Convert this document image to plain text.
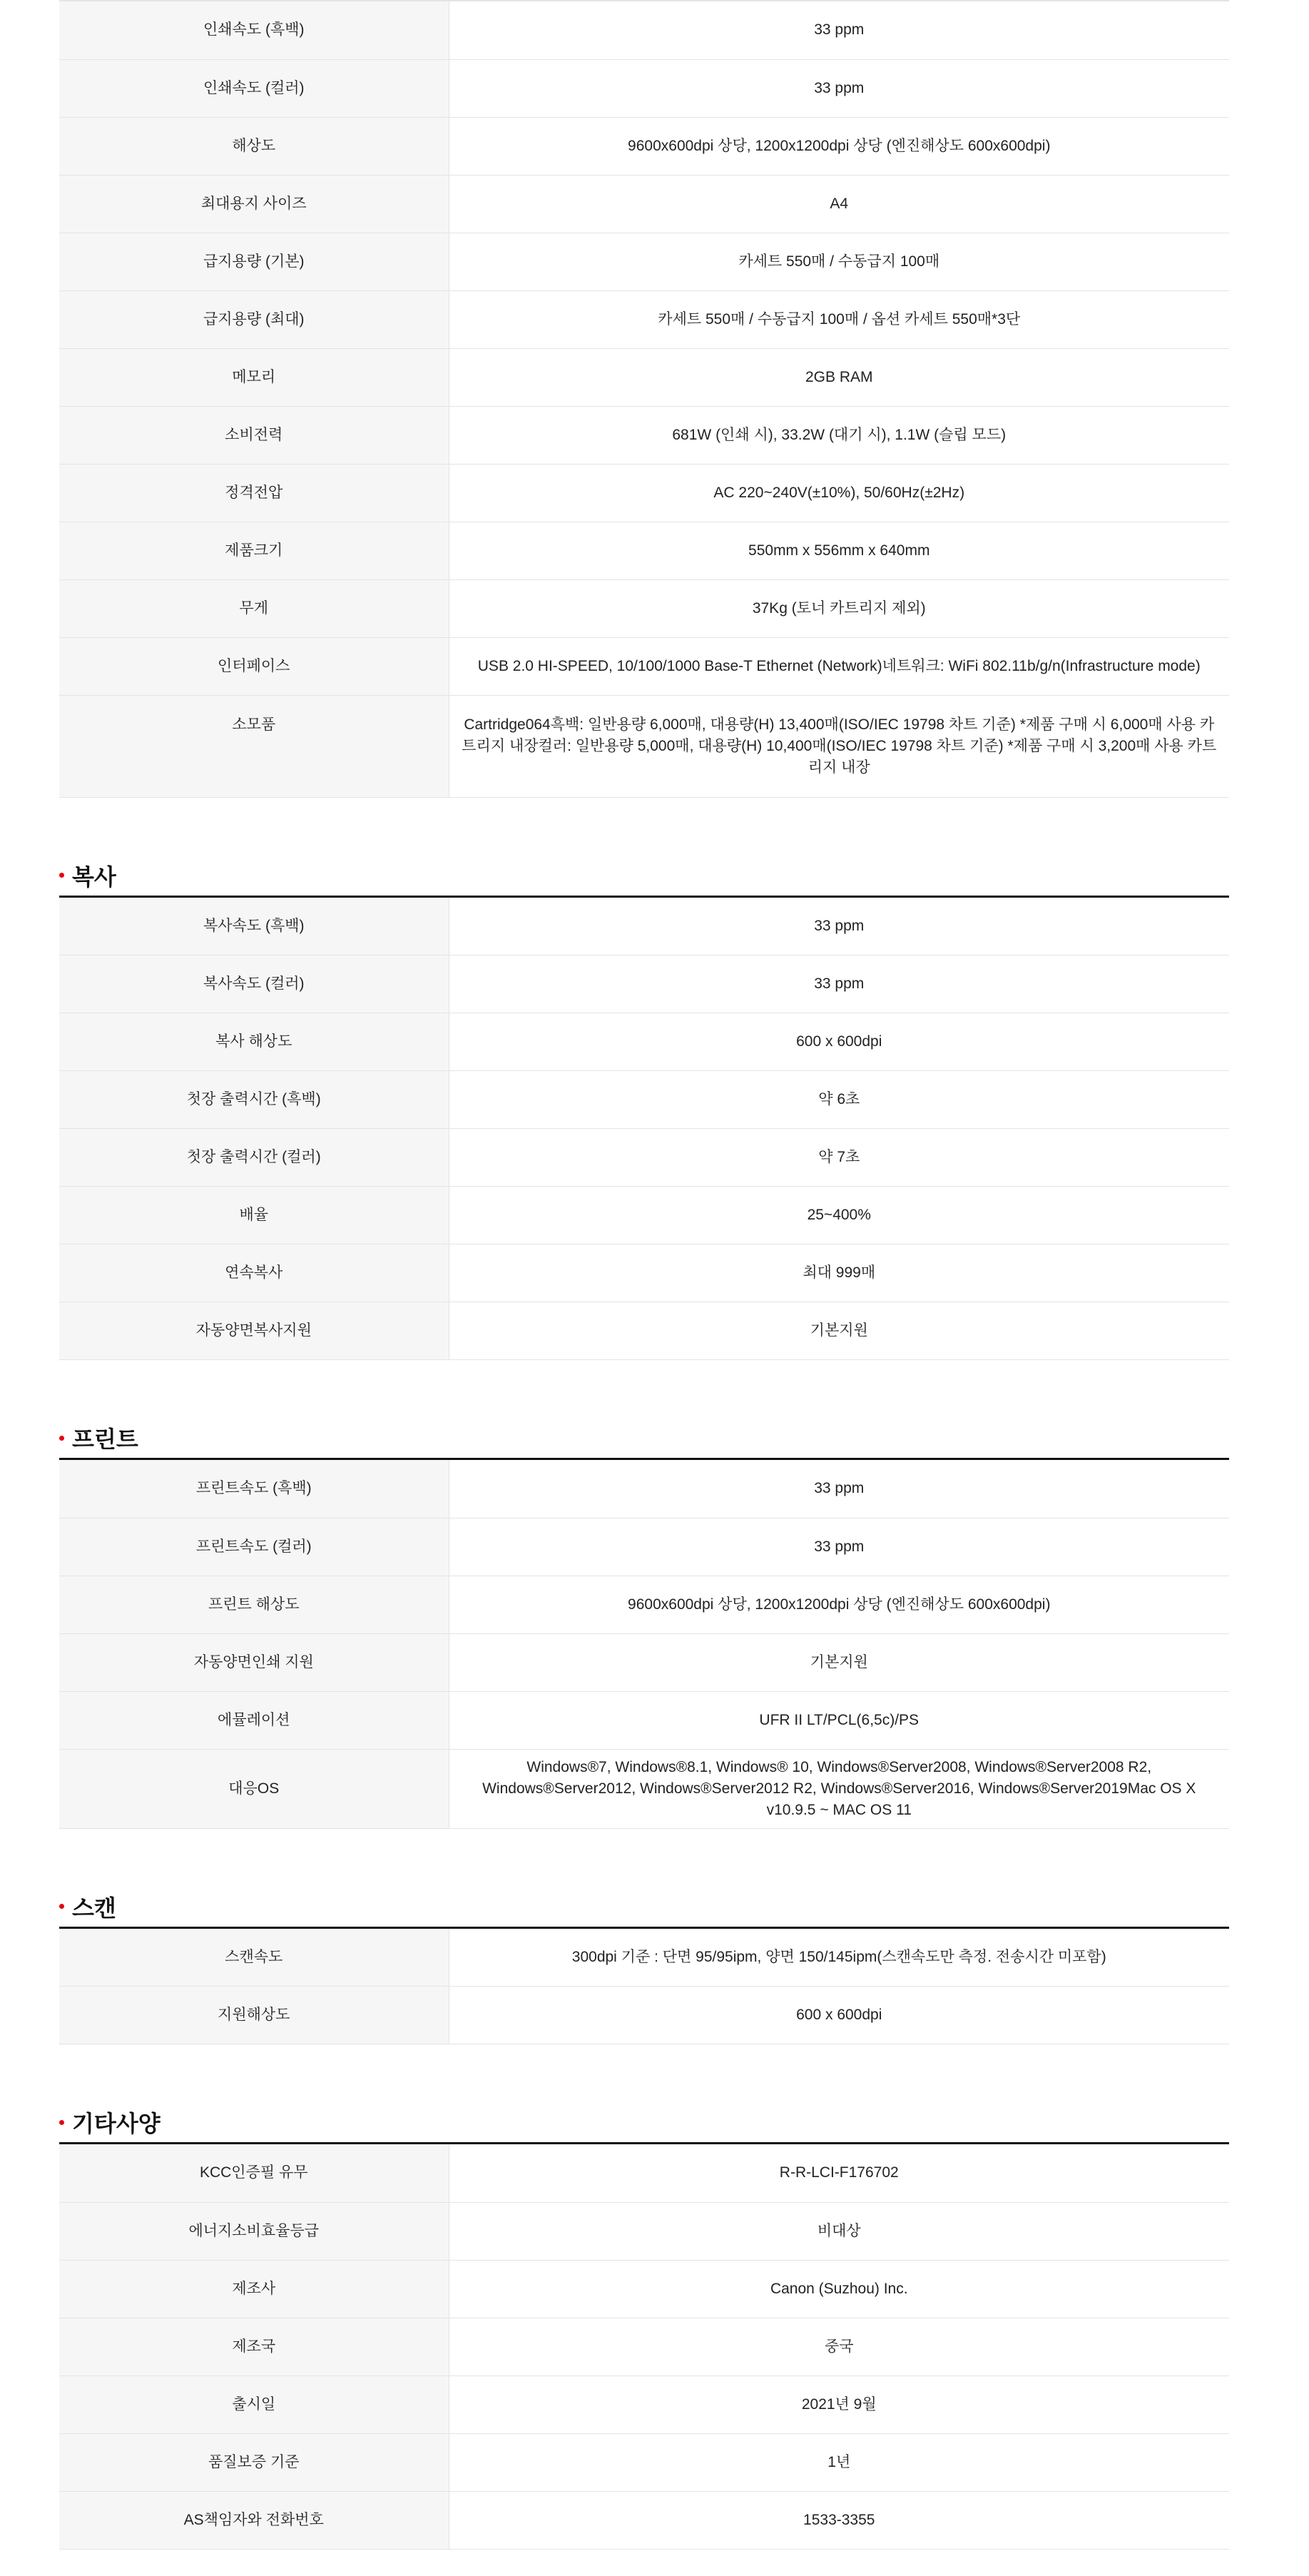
인쇄속도 (흑백)	33 ppm
인쇄속도 (컬러)	33 ppm
해상도	9600x600dpi 상당, 1200x1200dpi 상당 (엔진해상도 600x600dpi)
최대용지 사이즈	A4
급지용량 (기본)	카세트 550매 / 수동급지 100매
급지용량 (최대)	카세트 550매 / 수동급지 100매 / 옵션 카세트 550매*3단
메모리	2GB RAM
소비전력	681W (인쇄 시), 33.2W (대기 시), 1.1W (슬립 모드)
정격전압	AC 220~240V(±10%), 50/60Hz(±2Hz)
제품크기	550mm x 556mm x 640mm
무게	37Kg (토너 카트리지 제외)
인터페이스	USB 2.0 HI-SPEED, 10/100/1000 Base-T Ethernet (Network)네트워크: WiFi 802.11b/g/n(Infrastructure mode)
소모품	Cartridge064흑백: 일반용량 6,000매, 대용량(H) 13,400매(ISO/IEC 19798 차트 기준) *제품 구매 시 6,000매 사용 카트리지 내장컬러: 일반용량 5,000매, 대용량(H) 10,400매(ISO/IEC 19798 차트 기준) *제품 구매 시 3,200매 사용 카트리지 내장
복사
복사속도 (흑백)	33 ppm
복사속도 (컬러)	33 ppm
복사 해상도	600 x 600dpi
첫장 출력시간 (흑백)	약 6초
첫장 출력시간 (컬러)	약 7초
배율	25~400%
연속복사	최대 999매
자동양면복사지원	기본지원
프린트
프린트속도 (흑백)	33 ppm
프린트속도 (컬러)	33 ppm
프린트 해상도	9600x600dpi 상당, 1200x1200dpi 상당 (엔진해상도 600x600dpi)
자동양면인쇄 지원	기본지원
에뮬레이션	UFR II LT/PCL(6,5c)/PS
대응OS	Windows®7, Windows®8.1, Windows® 10, Windows®Server2008, Windows®Server2008 R2, Windows®Server2012, Windows®Server2012 R2, Windows®Server2016, Windows®Server2019Mac OS X v10.9.5 ~ MAC OS 11
스캔
스캔속도	300dpi 기준 : 단면 95/95ipm, 양면 150/145ipm(스캔속도만 측정. 전송시간 미포함)
지원해상도	600 x 600dpi
기타사양
KCC인증필 유무	R-R-LCI-F176702
에너지소비효율등급	비대상
제조사	Canon (Suzhou) Inc.
제조국	중국
출시일	2021년 9월
품질보증 기준	1년
AS책임자와 전화번호	1533-3355
